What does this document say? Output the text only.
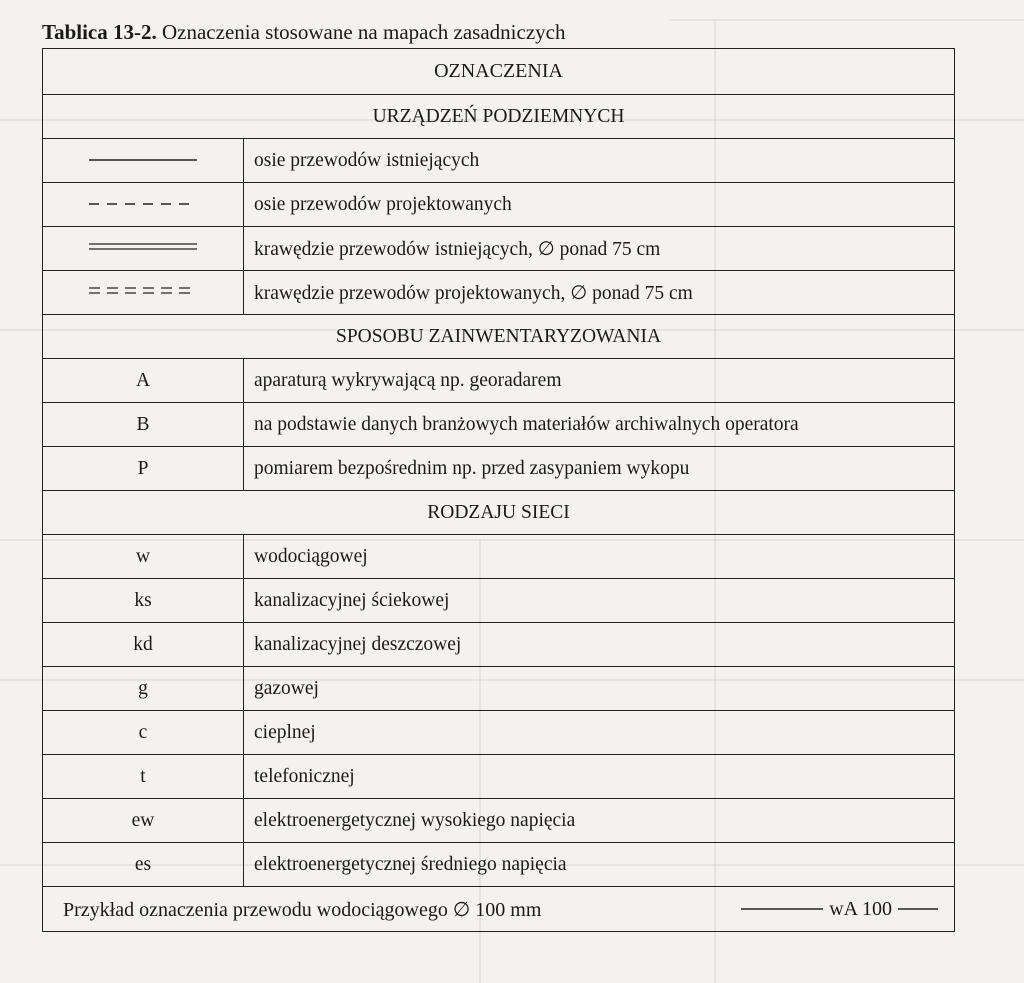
Tablica 13-2. Oznaczenia stosowane na mapach zasadniczych
OZNACZENIA	
URZĄDZEŃ PODZIEMNYCH	
	osie przewodów istniejących
	osie przewodów projektowanych
	krawędzie przewodów istniejących, ∅ ponad 75 cm
	krawędzie przewodów projektowanych, ∅ ponad 75 cm
SPOSOBU ZAINWENTARYZOWANIA	
A	aparaturą wykrywającą np. georadarem
B	na podstawie danych branżowych materiałów archiwalnych operatora
P	pomiarem bezpośrednim np. przed zasypaniem wykopu
RODZAJU SIECI	
w	wodociągowej
ks	kanalizacyjnej ściekowej
kd	kanalizacyjnej deszczowej
g	gazowej
c	cieplnej
t	telefonicznej
ew	elektroenergetycznej wysokiego napięcia
es	elektroenergetycznej średniego napięcia

Przykład oznaczenia przewodu wodociągowego ∅ 100 mm wA 100	
